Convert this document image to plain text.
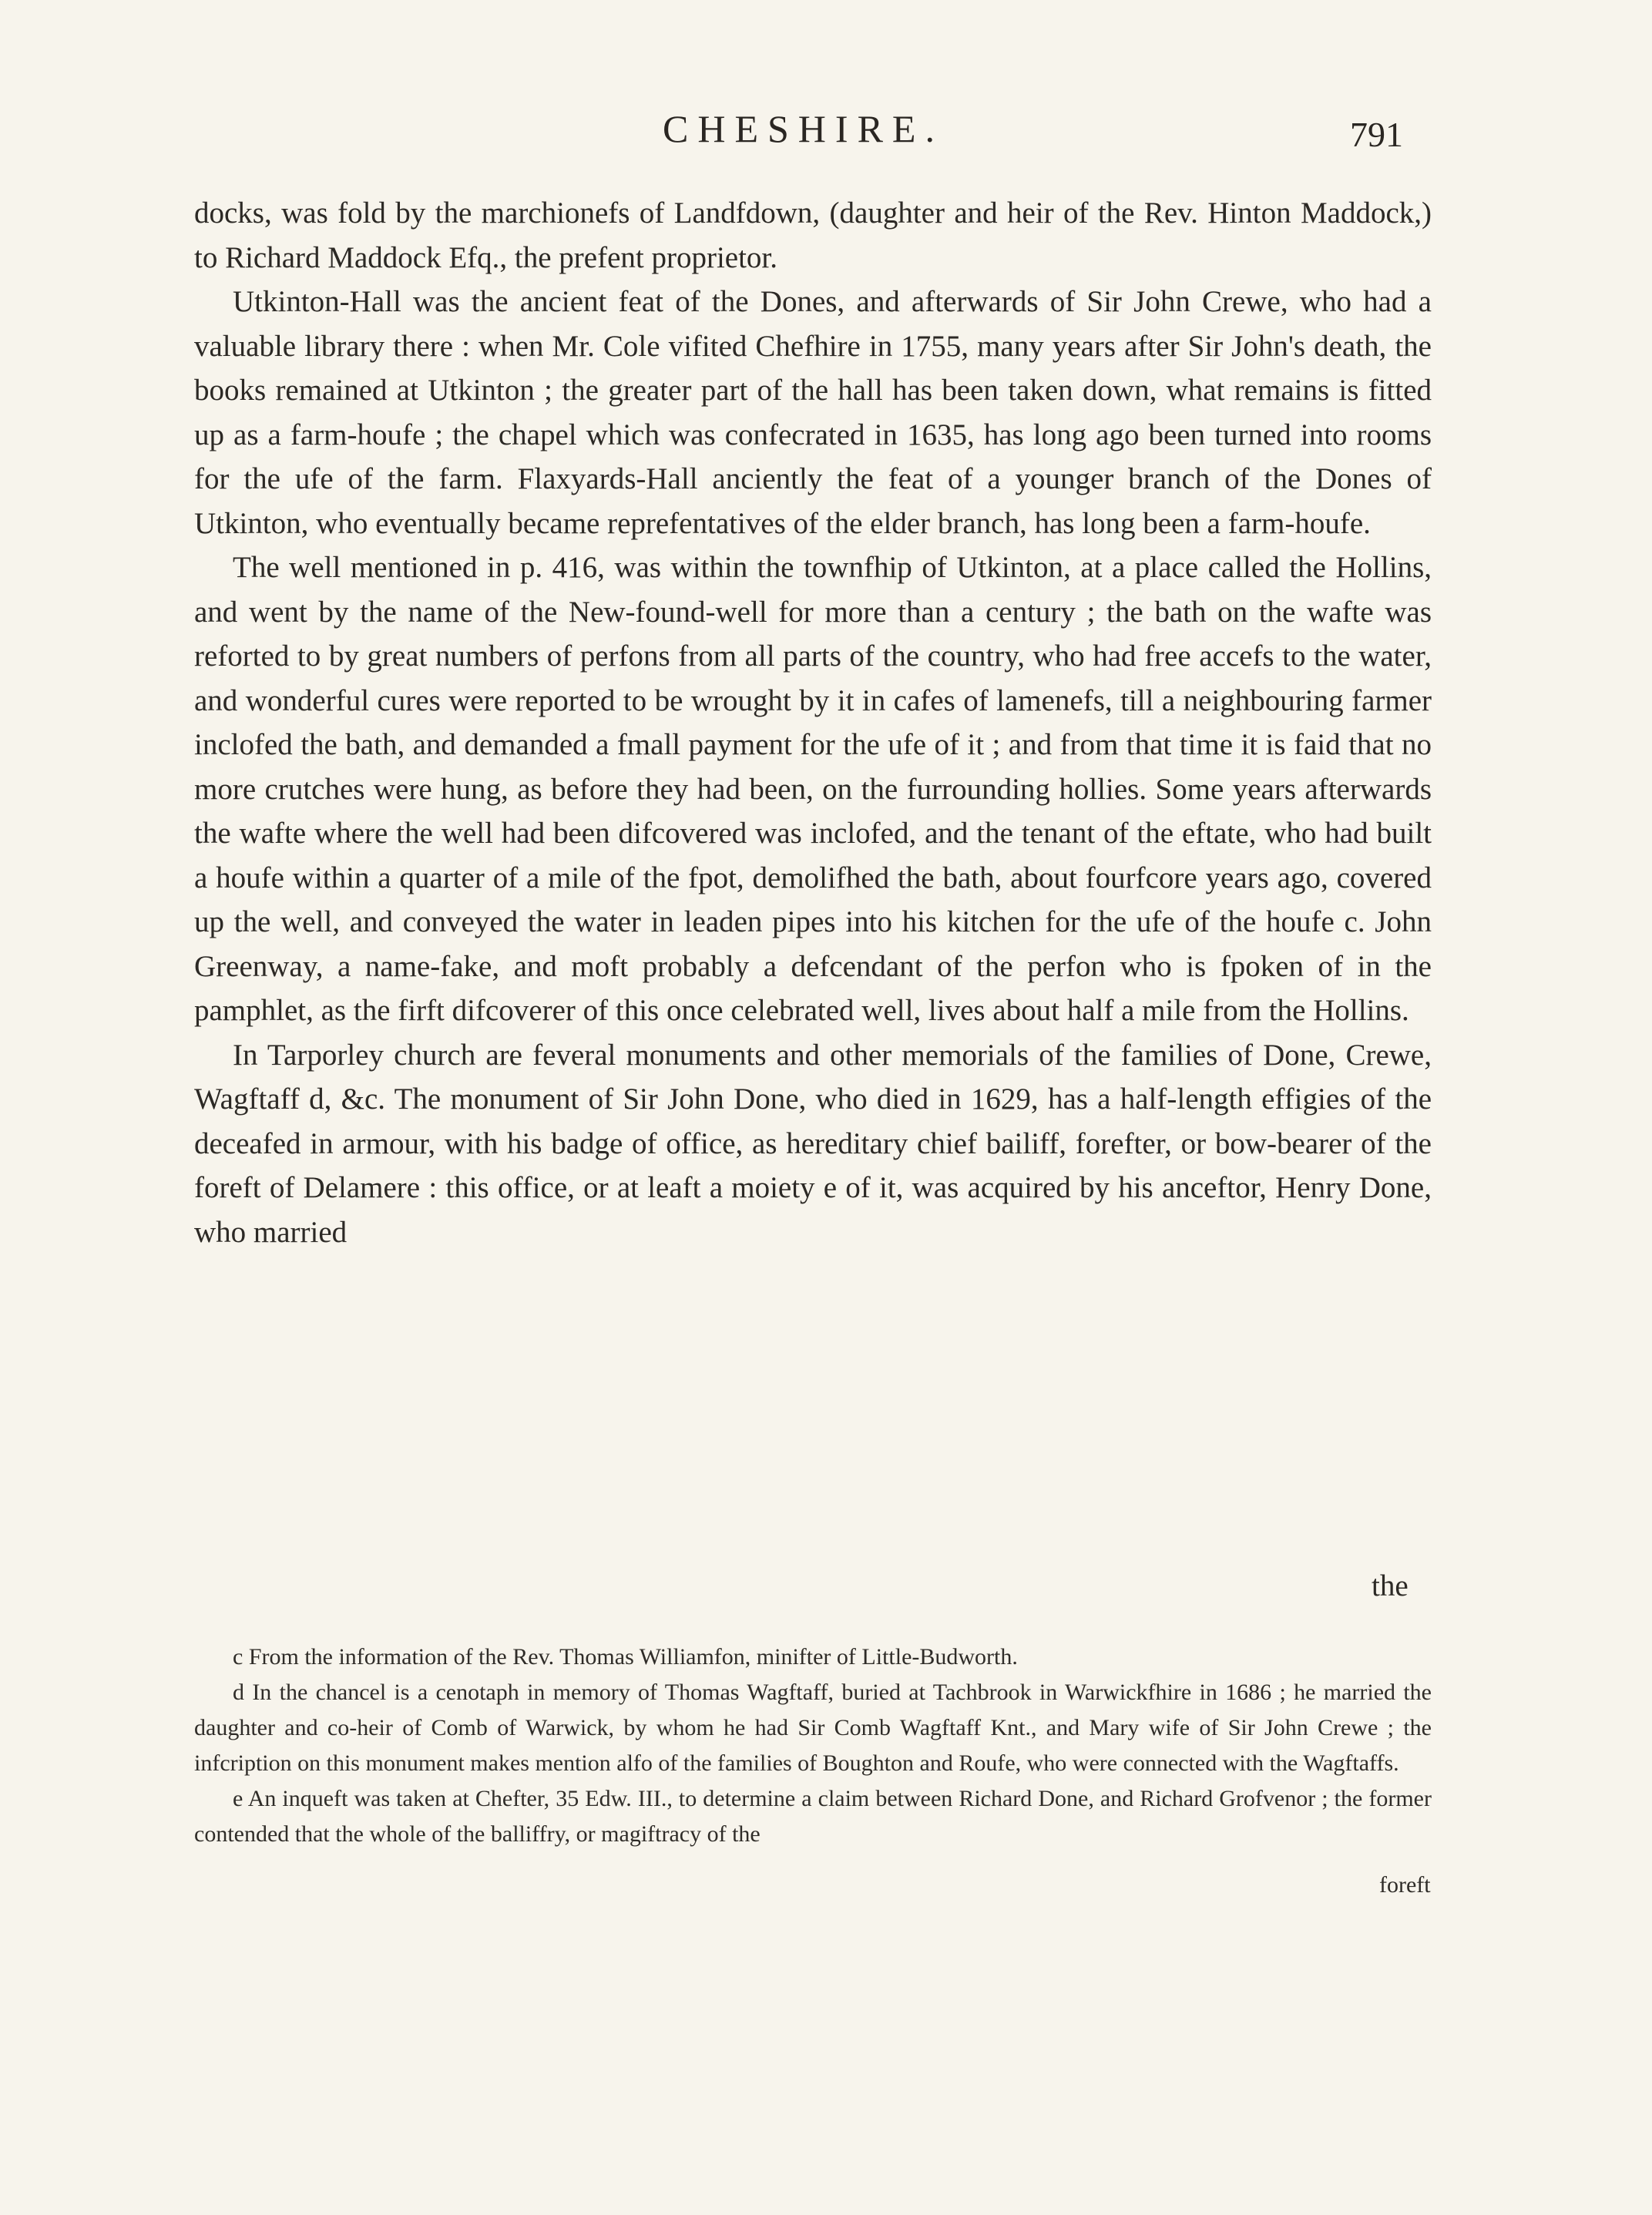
CHESHIRE.	791

docks, was fold by the marchionefs of Landfdown, (daughter and heir of the Rev. Hinton Maddock,) to Richard Maddock Efq., the prefent proprietor.

Utkinton-Hall was the ancient feat of the Dones, and afterwards of Sir John Crewe, who had a valuable library there : when Mr. Cole vifited Chefhire in 1755, many years after Sir John's death, the books remained at Utkinton ; the greater part of the hall has been taken down, what remains is fitted up as a farm-houfe ; the chapel which was confecrated in 1635, has long ago been turned into rooms for the ufe of the farm. Flaxyards-Hall anciently the feat of a younger branch of the Dones of Utkinton, who eventually became reprefentatives of the elder branch, has long been a farm-houfe.

The well mentioned in p. 416, was within the townfhip of Utkinton, at a place called the Hollins, and went by the name of the New-found-well for more than a century ; the bath on the wafte was reforted to by great numbers of perfons from all parts of the country, who had free accefs to the water, and wonderful cures were reported to be wrought by it in cafes of lamenefs, till a neighbouring farmer inclofed the bath, and demanded a fmall payment for the ufe of it ; and from that time it is faid that no more crutches were hung, as before they had been, on the furrounding hollies. Some years afterwards the wafte where the well had been difcovered was inclofed, and the tenant of the eftate, who had built a houfe within a quarter of a mile of the fpot, demolifhed the bath, about fourfcore years ago, covered up the well, and conveyed the water in leaden pipes into his kitchen for the ufe of the houfe c. John Greenway, a name-fake, and moft probably a defcendant of the perfon who is fpoken of in the pamphlet, as the firft difcoverer of this once celebrated well, lives about half a mile from the Hollins.

In Tarporley church are feveral monuments and other memorials of the families of Done, Crewe, Wagftaff d, &c. The monument of Sir John Done, who died in 1629, has a half-length effigies of the deceafed in armour, with his badge of office, as hereditary chief bailiff, forefter, or bow-bearer of the foreft of Delamere : this office, or at leaft a moiety e of it, was acquired by his anceftor, Henry Done, who married

the

c From the information of the Rev. Thomas Williamfon, minifter of Little-Budworth.

d In the chancel is a cenotaph in memory of Thomas Wagftaff, buried at Tachbrook in Warwickfhire in 1686 ; he married the daughter and co-heir of Comb of Warwick, by whom he had Sir Comb Wagftaff Knt., and Mary wife of Sir John Crewe ; the infcription on this monument makes mention alfo of the families of Boughton and Roufe, who were connected with the Wagftaffs.

e An inqueft was taken at Chefter, 35 Edw. III., to determine a claim between Richard Done, and Richard Grofvenor ; the former contended that the whole of the balliffry, or magiftracy of the

foreft
